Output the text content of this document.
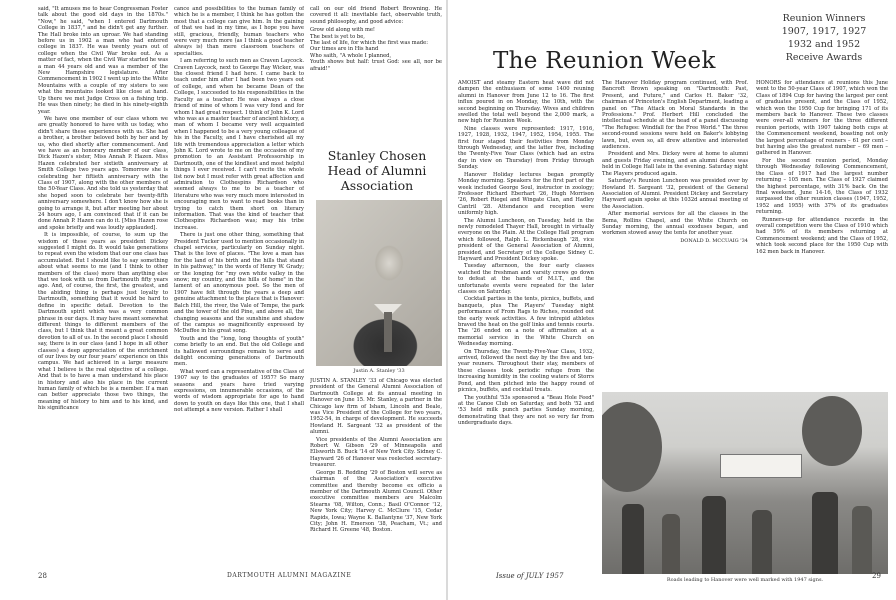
said, "It amuses me to hear Congressman Foster talk about the good old days in the 1870s." "Now," he said, "when I entered Dartmouth College in 1837," and he didn't get any further. The Hall broke into an uproar. We had standing before us in 1902 a man who had entered college in 1837. He was twenty years out of college when the Civil War broke out. As a matter of fact, when the Civil War started he was a man 44 years old and was a member of the New Hampshire legislature. After Commencement in 1902 I went up into the White Mountains with a couple of my sisters to see what the mountains looked like close at hand. Up there we met Judge Cross on a fishing trip. He was then ninety; he died in his ninety-eighth year.

We have one member of our class whom we are greatly honored to have with us today, who didn't share these experiences with us. She had a brother, a brother beloved both by her and by us, who died shortly after commencement. And we have as an honorary member of our class, Dick Hazen's sister, Miss Annah P. Hazen. Miss Hazen celebrated her sixtieth anniversary at Smith College two years ago. Tomorrow she is celebrating her fiftieth anniversary with the Class of 1907, along with the other members of the 50-Year Class. And she told us yesterday that she hoped soon to celebrate her twenty-fifth anniversary somewhere. I don't know how she is going to arrange it, but after meeting her about 24 hours ago, I am convinced that if it can be done Annah P. Hazen can do it. [Miss Hazen rose and spoke briefly and was loudly applauded].

It is impossible, of course, to sum up the wisdom of these years as president Dickey suggested I might do. It would take generations to repeat even the wisdom that our one class has accumulated. But I should like to say something about what seems to me (and I think to other members of the class) more than anything else that we took with us from Dartmouth fifty years ago. And, of course, the first, the greatest, and the abiding thing is perhaps just loyalty to Dartmouth, something that it would be hard to define in specific detail. Devotion to the Dartmouth spirit which was a very common phrase in our days. It may have meant somewhat different things to different members of the class, but I think that it meant a great common devotion to all of us. In the second place I should say, there is in our class (and I hope in all other classes) a deep appreciation of the enrichment of our lives by our four years' experience on this campus. We had achieved in a large measure what I believe is the real objective of a college. And that is to have a man understand his place in history and also his place in the current human family of which he is a member. If a man can better appreciate those two things, the meaning of history to him and to his kind, and his significance

cance and possibilities to the human family of which he is a member, I think he has gotten the most that a college can give him. In the gaining of that we had in my time, as I hope you have still, gracious, friendly, human teachers who were very much more (as I think a good teacher always is) than mere classroom teachers of specialties.

I am referring to such men as Craven Laycock. Craven Laycock, next to George Ray Wicker, was the closest friend I had here. I came back to teach under him after I had been two years out of college, and when he became Dean of the College, I succeeded to his responsibilities in the Faculty as a teacher. He was always a close friend of mine of whom I was very fond and for whom I had great respect. I think of John K. Lord who was as a master teacher of ancient history, a man of whom I became very well acquainted when I happened to be a very young colleague of his in the Faculty, and I have cherished all my life with tremendous appreciation a letter which John K. Lord wrote to me on the occasion of my promotion to an Assistant Professorship in Dartmouth, one of the kindliest and most helpful things I ever received. I can't recite the whole list now but I must refer with great affection and admiration to Clothespins Richardson who seemed always to me to be a teacher of literature who was very much more interested in encouraging men to want to read books than in trying to catch them short on literary information. That was the kind of teacher that Clothespins Richardson was; may his tribe increase.

There is just one other thing, something that President Tucker used to mention occasionally in chapel services, particularly on Sunday night. That is the love of places. "The love a man has for the land of his birth and the hills that stand in his pathway," in the words of Henry W. Grady; or the longing for "my own white valley in the snow; my country, and the hills of home" in the lament of an anonymous poet. So the men of 1907 have felt through the years a deep and genuine attachment to the place that is Hanover: Balch Hill, the river, the Vale of Tempe, the park and the tower of the old Pine, and above all, the changing seasons and the sunshine and shadow of the campus so magnificently expressed by McDuffee in his great song.

Youth and the "long, long thoughts of youth" come briefly to an end. But the old College and its hallowed surroundings remain to serve and delight oncoming generations of Dartmouth men.

What word can a representative of the Class of 1907 say to the graduates of 1957? So many seasons and years have tried varying expressions, on innumerable occasions, of the words of wisdom appropriate for age to hand down to youth on days like this one, that I shall not attempt a new version. Rather I shall

call on our old friend Robert Browning. He covered it all: inevitable fact, observable truth, sound philosophy, and good advice:

Grow old along with me!
The best is yet to be,
The last of life, for which the first was made:
Our times are in His hand
Who saith, "A whole I planned,
Youth shows but half: trust God: see all, nor be afraid!"
Stanley Chosen Head of Alumni Association
Justin A. Stanley '33

JUSTIN A. STANLEY '33 of Chicago was elected president of the General Alumni Association of Dartmouth College at its annual meeting in Hanover on June 15. Mr. Stanley, a partner in the Chicago law firm of Isham, Lincoln and Beale, was Vice President of the College for two years, 1952-54, in charge of development. He succeeds Howland H. Sargeant '32 as president of the alumni.

Vice presidents of the Alumni Association are Robert W. Gibson '29 of Minneapolis and Ellsworth B. Buck '14 of New York City. Sidney C. Hayward '26 of Hanover was reelected secretary-treasurer.

George B. Redding '29 of Boston will serve as chairman of the Association's executive committee and thereby become ex officio a member of the Dartmouth Alumni Council. Other executive committee members are Malcolm Stearns '08, Wilton, Conn.; Basil O'Connor '12, New York City; Harvey C. McClure '15, Cedar Rapids, Iowa; Wayne K. Ballantyne '37, New York City; John H. Emerson '38, Peacham, Vt.; and Richard H. Greene '48, Boston.

28	DARTMOUTH ALUMNI MAGAZINE
The Reunion Week
Reunion Winners
1907, 1917, 1927
1932 and 1952
Receive Awards

AMOIST and steamy Eastern heat wave did not dampen the enthusiasm of some 1400 reuning alumni in Hanover from June 12 to 16. The first influx poured in on Monday, the 10th, with the second beginning on Thursday. Wives and children swelled the total well beyond the 2,000 mark, a new high for Reunion Week.

Nine classes were represented: 1917, 1916, 1927, 1928, 1932, 1947, 1952, 1954, 1955. The first four staged their festivities from Monday through Wednesday, and the latter five, including the Twenty-Five Year Class (which had an extra day in view on Thursday) from Friday through Sunday.

Hanover Holiday lectures began promptly Monday morning. Speakers for the first part of the week included George Soul, instructor in zoology; Professor Richard Eberhart '26, Hugh Morrison '26, Robert Riegel and Wingate Clan, and Hadley Cantril '28. Attendance and reception were uniformly high.

The Alumni Luncheon, on Tuesday, held in the newly remodeled Thayer Hall, brought in virtually everyone on the Plain. At the College Hall program which followed, Ralph L. Rickenbaugh '28, vice president of the General Association of Alumni, presided, and Secretary of the College Sidney C. Hayward and President Dickey spoke.

Tuesday afternoon, the four early classes watched the freshman and varsity crews go down to defeat at the hands of M.I.T., and the unfortunate events were repeated for the later classes on Saturday.

Cocktail parties in the tents, picnics, buffets, and banquets, plus The Players' Tuesday night performance of From Rags to Riches, rounded out the early week activities. A few intrepid athletes braved the heat on the golf links and tennis courts. The '26 ended on a note of affirmation at a memorial service in the White Church on Wednesday morning.

On Thursday, the Twenty-Five-Year Class, 1932, arrived, followed the next day by the five and ten-year reuners. Throughout their stay, members of these classes took periodic refuge from the increasing humidity in the cooling waters of Storrs Pond, and then pitched into the happy round of picnics, buffets, and cocktail treats.

The youthful '53s sponsored a "Beau Hole Feed" at the Canoe Club on Saturday, and both '52 and '53 held milk punch parties Sunday morning, demonstrating that they are not so very far from undergraduate days.

The Hanover Holiday program continued, with Prof. Bancroft Brown speaking on "Dartmouth: Past, Present, and Future," and Carlos H. Baker '32, chairman of Princeton's English Department, leading a panel on "The Attack on Moral Standards in the Professions." Prof. Herbert Hill concluded the intellectual schedule at the head of a panel discussing "The Refugee: Windfall for the Free World." The three second-round sessions were held on Baker's lobbying lawn, but, even so, all drew attentive and interested audiences.

President and Mrs. Dickey were at home to alumni and guests Friday evening, and an alumni dance was held in College Hall late in the evening. Saturday night The Players produced again.

Saturday's Reunion Luncheon was presided over by Howland H. Sargeant '32, president of the General Association of Alumni. President Dickey and Secretary Hayward again spoke at this 1032d annual meeting of the Association.

After memorial services for all the classes in the Bema, Rollins Chapel, and the White Church on Sunday morning, the annual exoduses began, and workmen stowed away the tents for another year.

DONALD D. MCCUAIG '34

HONORS for attendance at reunions this June went to the 50-year Class of 1907, which won the Class of 1894 Cup for having the largest per cent of graduates present, and the Class of 1952, which won the 1950 Cup for bringing 171 of its members back to Hanover. These two classes were over-all winners for the three different reunion periods, with 1907 taking both cups at the Commencement weekend, boasting not only the largest percentage of reuners – 61 per cent – but having also the greatest number – 69 men – gathered in Hanover.

For the second reunion period, Monday through Wednesday following Commencement, the Class of 1917 had the largest number returning – 105 men. The Class of 1927 claimed the highest percentage, with 31% back. On the final weekend, June 14-16, the Class of 1932 surpassed the other reunion classes (1947, 1952, 1952 and 1955) with 37% of its graduates returning.

Runners-up for attendance records in the overall competition were the Class of 1910 which had 59% of its members returning at Commencement weekend; and the Class of 1952, which took second place for the 1950 Cup with 162 men back in Hanover.

Roads leading to Hanover were well marked with 1947 signs.
Issue of JULY 1957	29
